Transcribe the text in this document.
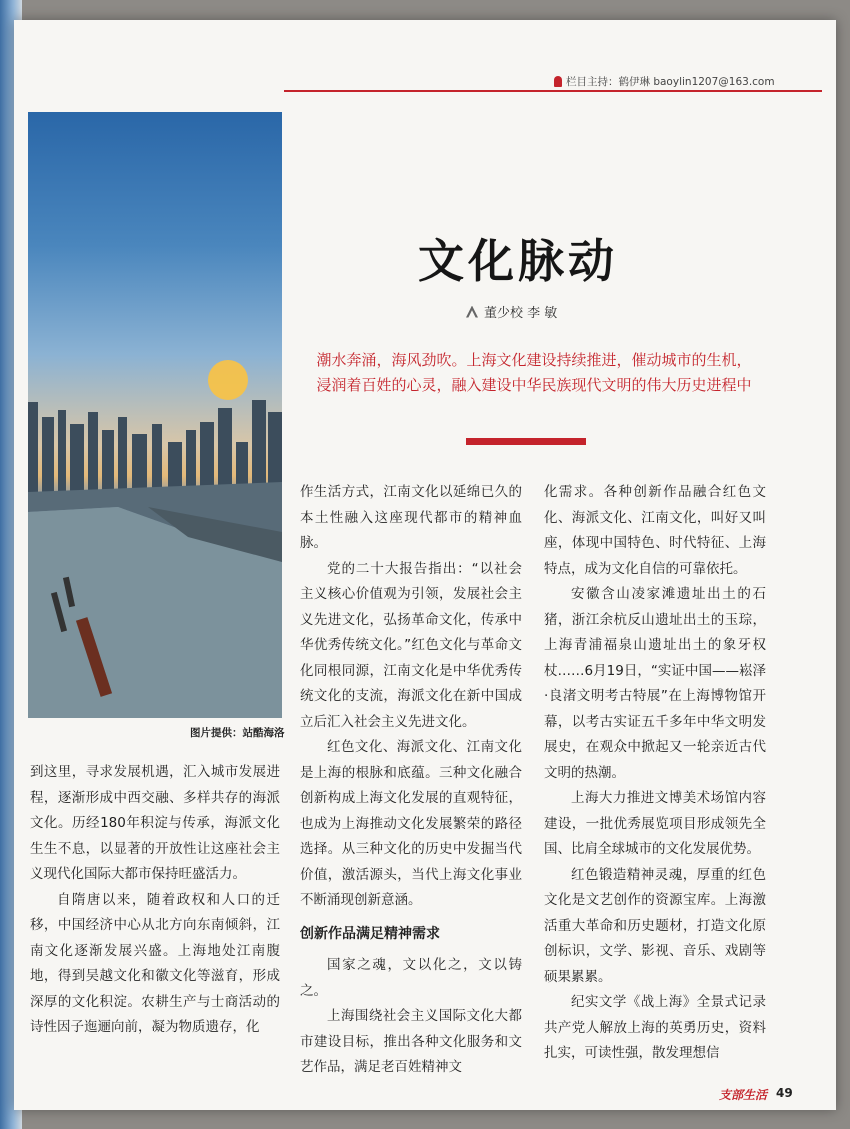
栏目主持：鹤伊琳 baoylin1207@163.com
图片提供：站酷海洛
文化脉动
董少校 李 敏
潮水奔涌，海风劲吹。上海文化建设持续推进，催动城市的生机，浸润着百姓的心灵，融入建设中华民族现代文明的伟大历史进程中

到这里，寻求发展机遇，汇入城市发展进程，逐渐形成中西交融、多样共存的海派文化。历经180年积淀与传承，海派文化生生不息，以显著的开放性让这座社会主义现代化国际大都市保持旺盛活力。

自隋唐以来，随着政权和人口的迁移，中国经济中心从北方向东南倾斜，江南文化逐渐发展兴盛。上海地处江南腹地，得到吴越文化和徽文化等滋育，形成深厚的文化积淀。农耕生产与士商活动的诗性因子迤逦向前，凝为物质遗存，化

作生活方式，江南文化以延绵已久的本土性融入这座现代都市的精神血脉。

党的二十大报告指出：“以社会主义核心价值观为引领，发展社会主义先进文化，弘扬革命文化，传承中华优秀传统文化。”红色文化与革命文化同根同源，江南文化是中华优秀传统文化的支流，海派文化在新中国成立后汇入社会主义先进文化。

红色文化、海派文化、江南文化是上海的根脉和底蕴。三种文化融合创新构成上海文化发展的直观特征，也成为上海推动文化发展繁荣的路径选择。从三种文化的历史中发掘当代价值，激活源头，当代上海文化事业不断涌现创新意涵。

创新作品满足精神需求

国家之魂，文以化之，文以铸之。

上海围绕社会主义国际文化大都市建设目标，推出各种文化服务和文艺作品，满足老百姓精神文

化需求。各种创新作品融合红色文化、海派文化、江南文化，叫好又叫座，体现中国特色、时代特征、上海特点，成为文化自信的可靠依托。

安徽含山凌家滩遗址出土的石猪，浙江余杭反山遗址出土的玉琮，上海青浦福泉山遗址出土的象牙权杖……6月19日，“实证中国——崧泽·良渚文明考古特展”在上海博物馆开幕，以考古实证五千多年中华文明发展史，在观众中掀起又一轮亲近古代文明的热潮。

上海大力推进文博美术场馆内容建设，一批优秀展览项目形成领先全国、比肩全球城市的文化发展优势。

红色锻造精神灵魂，厚重的红色文化是文艺创作的资源宝库。上海激活重大革命和历史题材，打造文化原创标识，文学、影视、音乐、戏剧等硕果累累。

纪实文学《战上海》全景式记录共产党人解放上海的英勇历史，资料扎实，可读性强，散发理想信

支部生活 49
